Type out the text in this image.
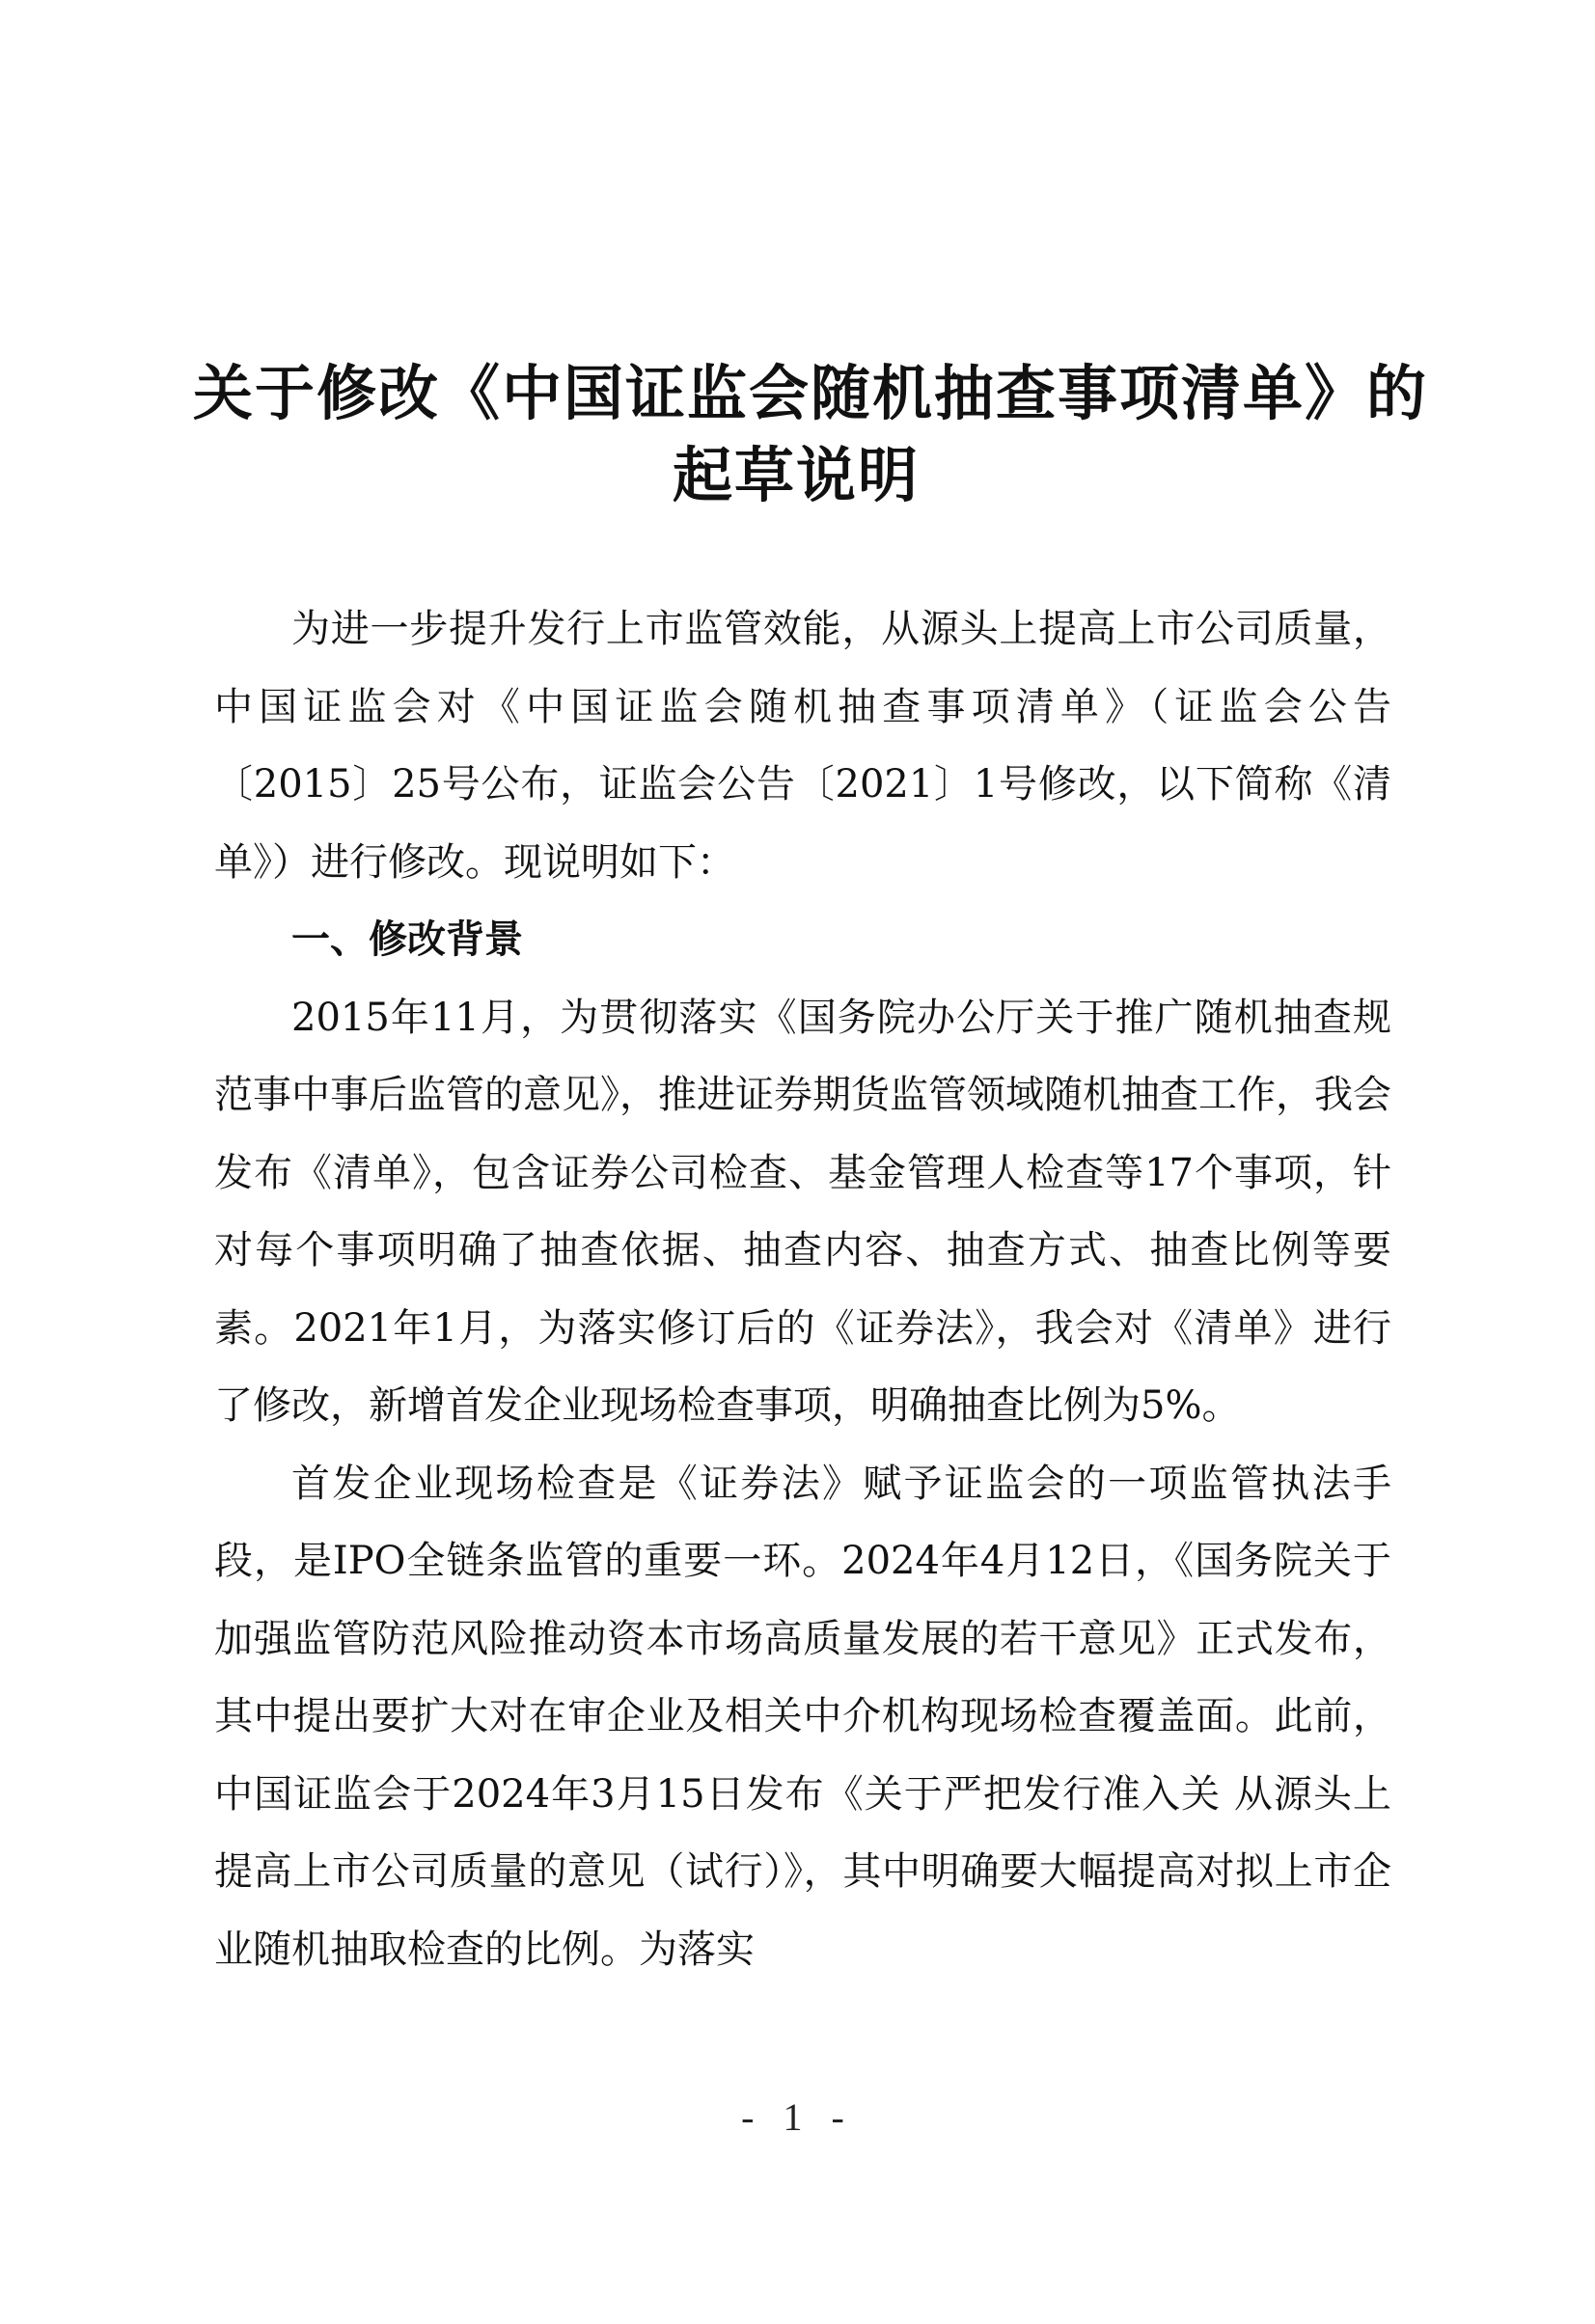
关于修改《中国证监会随机抽查事项清单》的
起草说明

为进一步提升发行上市监管效能，从源头上提高上市公司质量，中国证监会对《中国证监会随机抽查事项清单》（证监会公告〔2015〕25号公布，证监会公告〔2021〕1号修改，以下简称《清单》）进行修改。现说明如下：

一、修改背景

2015年11月，为贯彻落实《国务院办公厅关于推广随机抽查规范事中事后监管的意见》，推进证券期货监管领域随机抽查工作，我会发布《清单》，包含证券公司检查、基金管理人检查等17个事项，针对每个事项明确了抽查依据、抽查内容、抽查方式、抽查比例等要素。2021年1月，为落实修订后的《证券法》，我会对《清单》进行了修改，新增首发企业现场检查事项，明确抽查比例为5%。

首发企业现场检查是《证券法》赋予证监会的一项监管执法手段，是IPO全链条监管的重要一环。2024年4月12日，《国务院关于加强监管防范风险推动资本市场高质量发展的若干意见》正式发布，其中提出要扩大对在审企业及相关中介机构现场检查覆盖面。此前，中国证监会于2024年3月15日发布《关于严把发行准入关 从源头上提高上市公司质量的意见（试行）》，其中明确要大幅提高对拟上市企业随机抽取检查的比例。为落实

- 1 -
